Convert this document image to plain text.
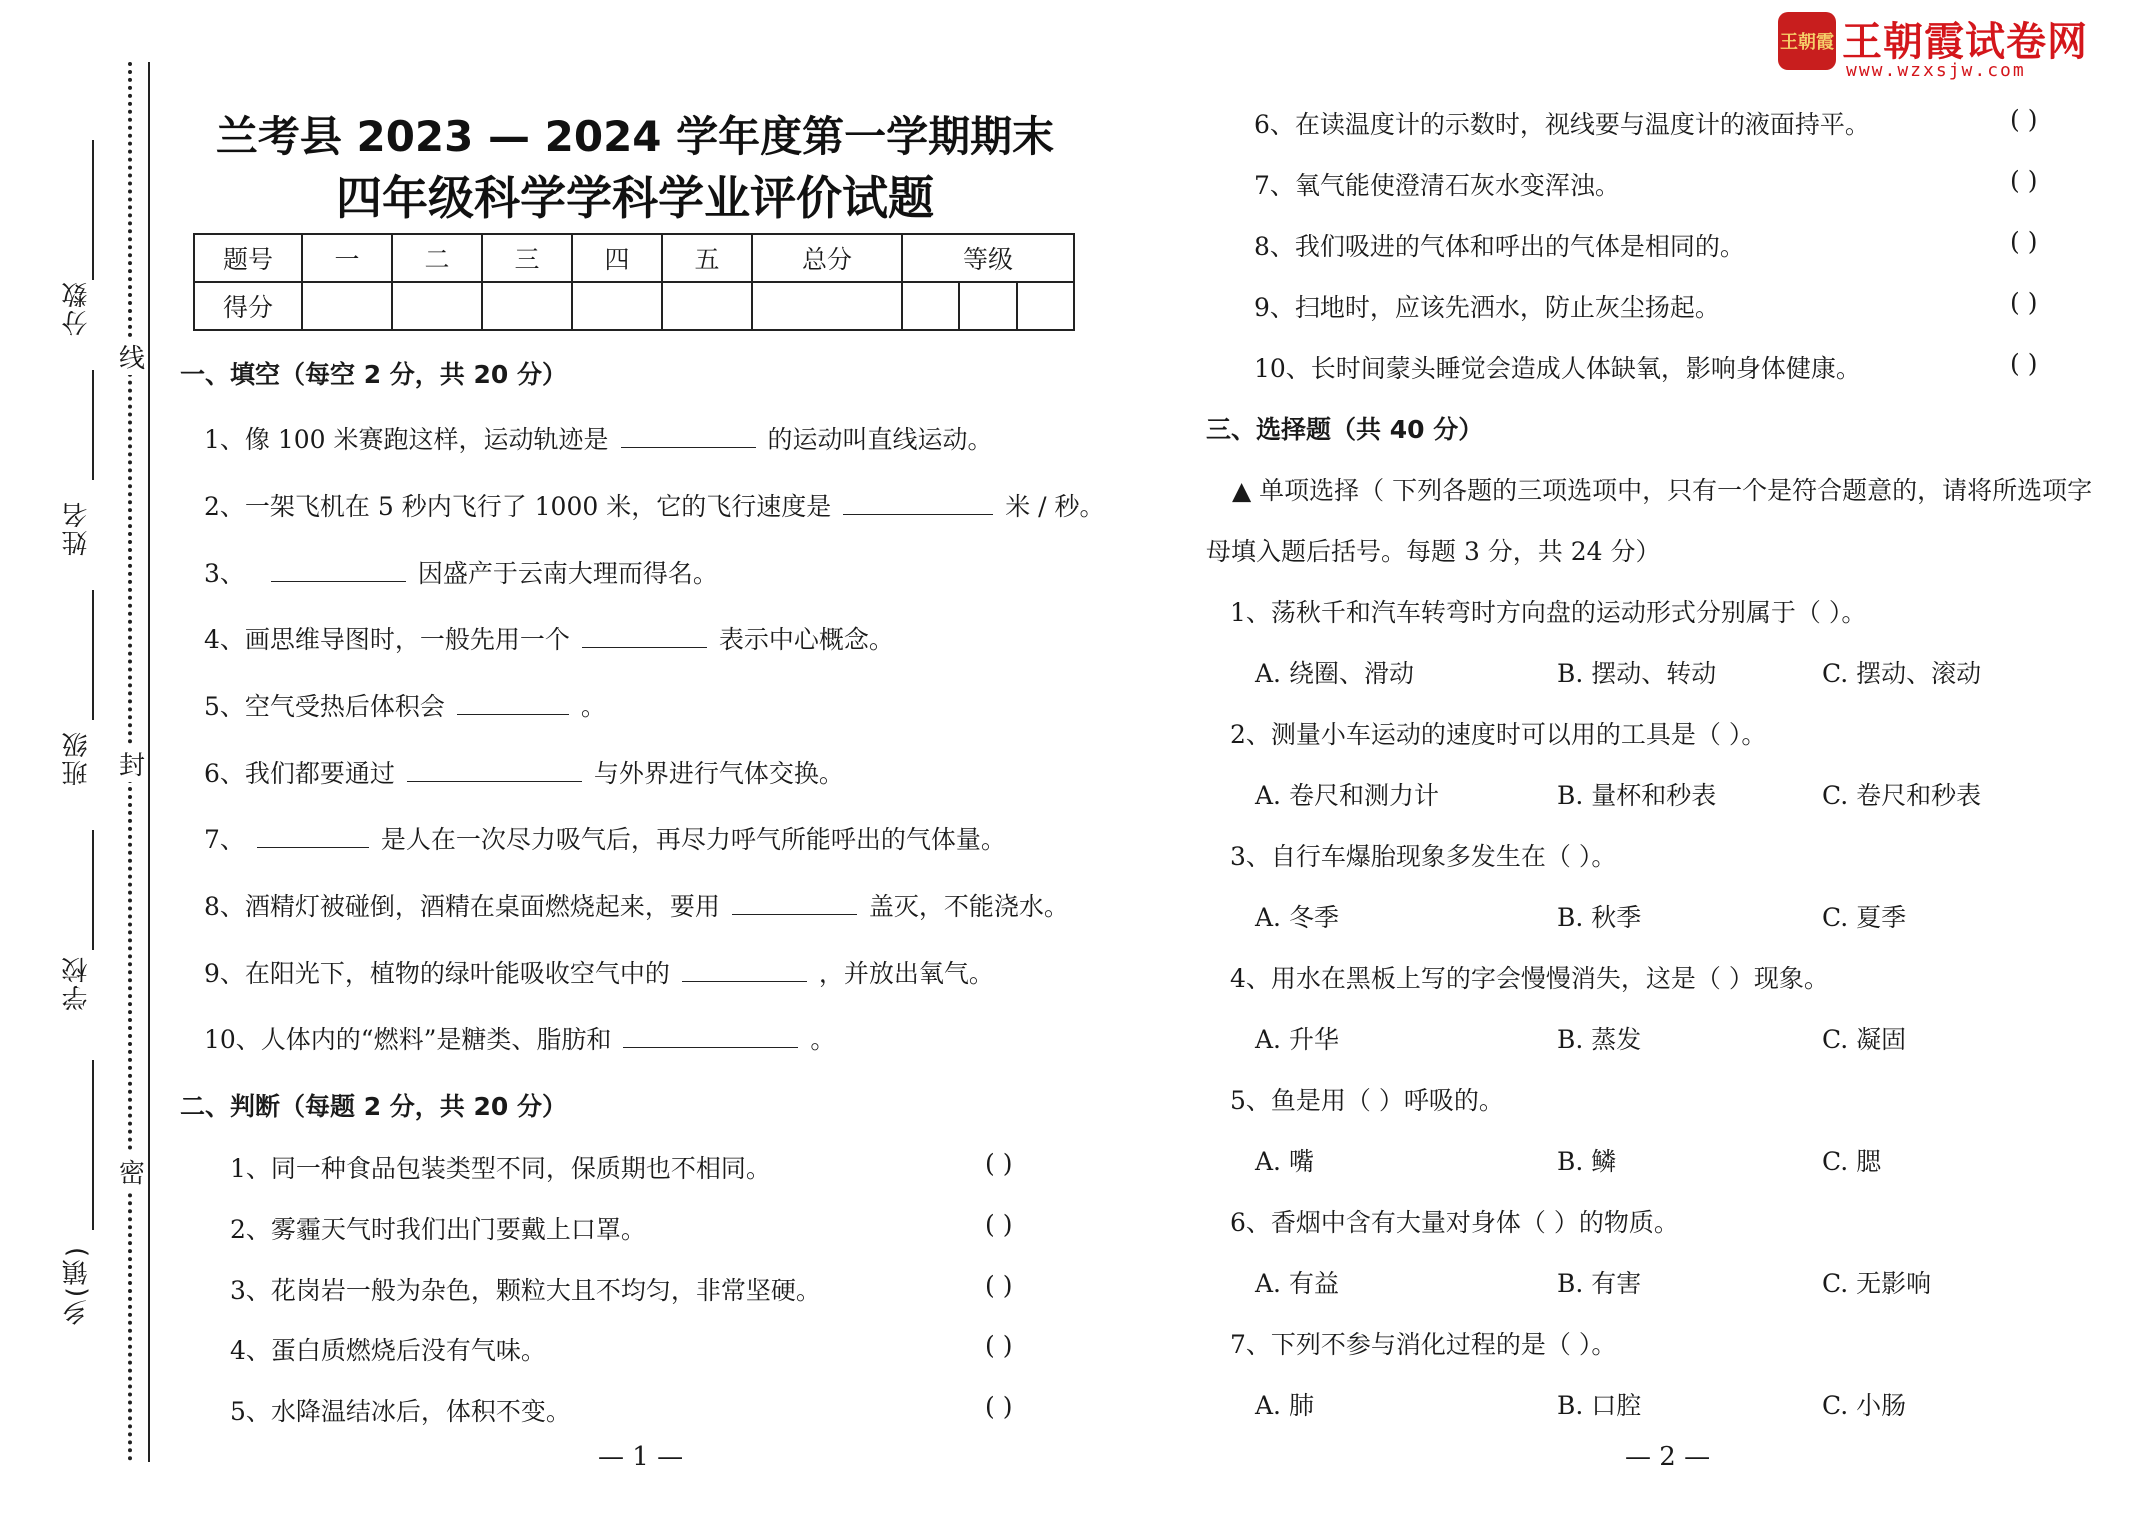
王朝霞 王朝霞试卷网
www.wzxsjw.com
分数
姓名
班级
学校
乡(镇)
线
封
密
兰考县 2023 — 2024 学年度第一学期期末
四年级科学学科学业评价试题
题号	一	二	三	四	五	总分	等级		
得分									
一、填空（每空 2 分，共 20 分）
1、像 100 米赛跑这样，运动轨迹是	的运动叫直线运动。
2、一架飞机在 5 秒内飞行了 1000 米，它的飞行速度是	米 / 秒。
3、	因盛产于云南大理而得名。
4、画思维导图时，一般先用一个	表示中心概念。
5、空气受热后体积会	。
6、我们都要通过	与外界进行气体交换。
7、	是人在一次尽力吸气后，再尽力呼气所能呼出的气体量。
8、酒精灯被碰倒，酒精在桌面燃烧起来，要用	盖灭，不能浇水。
9、在阳光下，植物的绿叶能吸收空气中的	，并放出氧气。
10、人体内的“燃料”是糖类、脂肪和	。
二、判断（每题 2 分，共 20 分）
1、同一种食品包装类型不同，保质期也不相同。	( )
2、雾霾天气时我们出门要戴上口罩。	( )
3、花岗岩一般为杂色，颗粒大且不均匀，非常坚硬。	( )
4、蛋白质燃烧后没有气味。	( )
5、水降温结冰后，体积不变。	( )
— 1 —
6、在读温度计的示数时，视线要与温度计的液面持平。	( )
7、氧气能使澄清石灰水变浑浊。	( )
8、我们吸进的气体和呼出的气体是相同的。	( )
9、扫地时，应该先洒水，防止灰尘扬起。	( )
10、长时间蒙头睡觉会造成人体缺氧，影响身体健康。	( )
三、选择题（共 40 分）
▲ 单项选择（ 下列各题的三项选项中，只有一个是符合题意的，请将所选项字
母填入题后括号。每题 3 分，共 24 分）
1、荡秋千和汽车转弯时方向盘的运动形式分别属于（ ）。
A. 绕圈、滑动	B. 摆动、转动	C. 摆动、滚动
2、测量小车运动的速度时可以用的工具是（ ）。
A. 卷尺和测力计	B. 量杯和秒表	C. 卷尺和秒表
3、自行车爆胎现象多发生在（ ）。
A. 冬季	B. 秋季	C. 夏季
4、用水在黑板上写的字会慢慢消失，这是（ ）现象。
A. 升华	B. 蒸发	C. 凝固
5、鱼是用（ ）呼吸的。
A. 嘴	B. 鳞	C. 腮
6、香烟中含有大量对身体（ ）的物质。
A. 有益	B. 有害	C. 无影响
7、下列不参与消化过程的是（ ）。
A. 肺	B. 口腔	C. 小肠
— 2 —
